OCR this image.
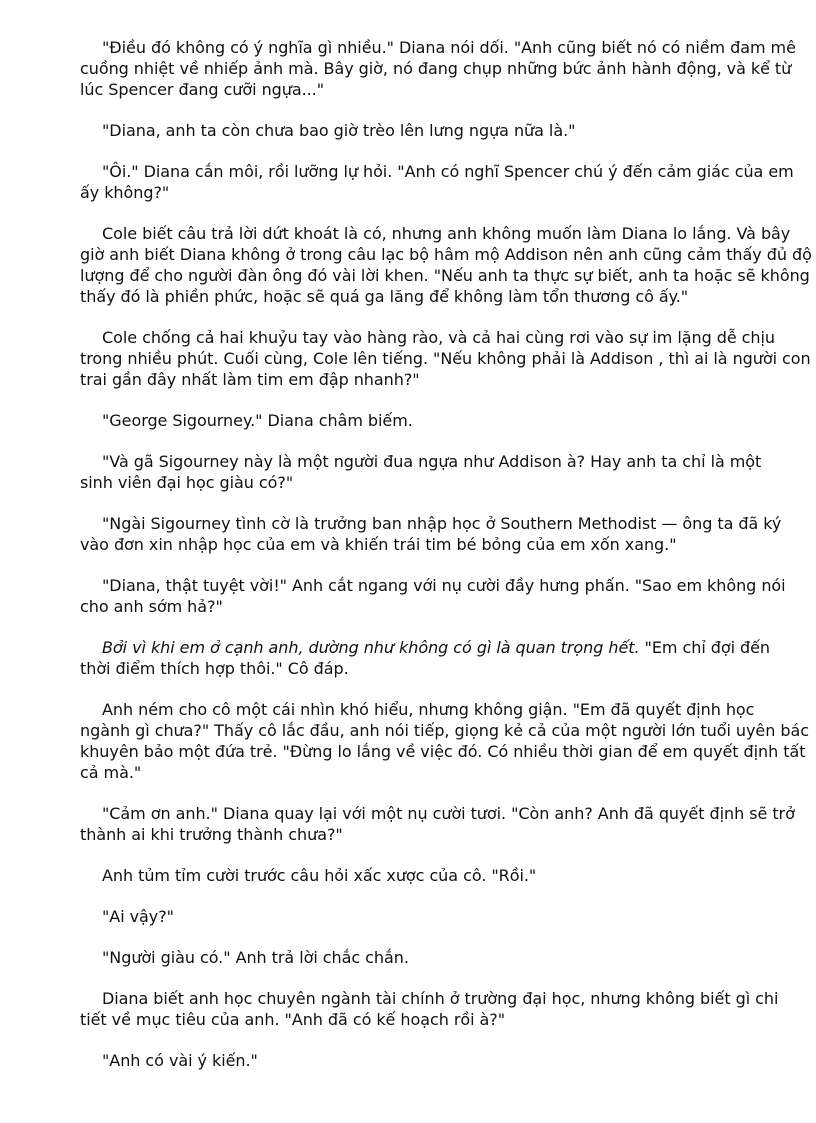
"Điều đó không có ý nghĩa gì nhiều." Diana nói dối. "Anh cũng biết nó có niềm đam mê
cuồng nhiệt về nhiếp ảnh mà. Bây giờ, nó đang chụp những bức ảnh hành động, và kể từ
lúc Spencer đang cưỡi ngựa..."
"Diana, anh ta còn chưa bao giờ trèo lên lưng ngựa nữa là."
"Ôi." Diana cắn môi, rồi lưỡng lự hỏi. "Anh có nghĩ Spencer chú ý đến cảm giác của em
ấy không?"
Cole biết câu trả lời dứt khoát là có, nhưng anh không muốn làm Diana lo lắng. Và bây
giờ anh biết Diana không ở trong câu lạc bộ hâm mộ Addison nên anh cũng cảm thấy đủ độ
lượng để cho người đàn ông đó vài lời khen. "Nếu anh ta thực sự biết, anh ta hoặc sẽ không
thấy đó là phiền phức, hoặc sẽ quá ga lăng để không làm tổn thương cô ấy."
Cole chống cả hai khuỷu tay vào hàng rào, và cả hai cùng rơi vào sự im lặng dễ chịu
trong nhiều phút. Cuối cùng, Cole lên tiếng. "Nếu không phải là Addison , thì ai là người con
trai gần đây nhất làm tim em đập nhanh?"
"George Sigourney." Diana châm biếm.
"Và gã Sigourney này là một người đua ngựa như Addison à? Hay anh ta chỉ là một
sinh viên đại học giàu có?"
"Ngài Sigourney tình cờ là trưởng ban nhập học ở Southern Methodist — ông ta đã ký
vào đơn xin nhập học của em và khiến trái tim bé bỏng của em xốn xang."
"Diana, thật tuyệt vời!" Anh cắt ngang với nụ cười đầy hưng phấn. "Sao em không nói
cho anh sớm hả?"
Bởi vì khi em ở cạnh anh, dường như không có gì là quan trọng hết. "Em chỉ đợi đến
thời điểm thích hợp thôi." Cô đáp.
Anh ném cho cô một cái nhìn khó hiểu, nhưng không giận. "Em đã quyết định học
ngành gì chưa?" Thấy cô lắc đầu, anh nói tiếp, giọng kẻ cả của một người lớn tuổi uyên bác
khuyên bảo một đứa trẻ. "Đừng lo lắng về việc đó. Có nhiều thời gian để em quyết định tất
cả mà."
"Cảm ơn anh." Diana quay lại với một nụ cười tươi. "Còn anh? Anh đã quyết định sẽ trở
thành ai khi trưởng thành chưa?"
Anh tủm tỉm cười trước câu hỏi xấc xược của cô. "Rồi."
"Ai vậy?"
"Người giàu có." Anh trả lời chắc chắn.
Diana biết anh học chuyên ngành tài chính ở trường đại học, nhưng không biết gì chi
tiết về mục tiêu của anh. "Anh đã có kế hoạch rồi à?"
"Anh có vài ý kiến."
